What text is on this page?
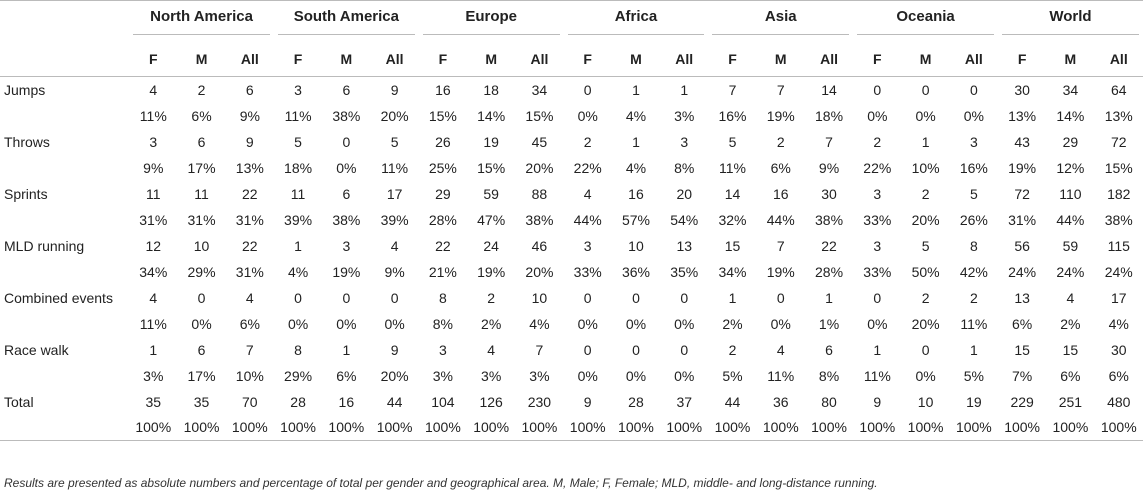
	North America			South America			Europe			Africa			Asia			Oceania			World		

	F	M	All	F	M	All	F	M	All	F	M	All	F	M	All	F	M	All	F	M	All
Jumps	4	2	6	3	6	9	16	18	34	0	1	1	7	7	14	0	0	0	30	34	64
	11%	6%	9%	11%	38%	20%	15%	14%	15%	0%	4%	3%	16%	19%	18%	0%	0%	0%	13%	14%	13%
Throws	3	6	9	5	0	5	26	19	45	2	1	3	5	2	7	2	1	3	43	29	72
	9%	17%	13%	18%	0%	11%	25%	15%	20%	22%	4%	8%	11%	6%	9%	22%	10%	16%	19%	12%	15%
Sprints	11	11	22	11	6	17	29	59	88	4	16	20	14	16	30	3	2	5	72	110	182
	31%	31%	31%	39%	38%	39%	28%	47%	38%	44%	57%	54%	32%	44%	38%	33%	20%	26%	31%	44%	38%
MLD running	12	10	22	1	3	4	22	24	46	3	10	13	15	7	22	3	5	8	56	59	115
	34%	29%	31%	4%	19%	9%	21%	19%	20%	33%	36%	35%	34%	19%	28%	33%	50%	42%	24%	24%	24%
Combined events	4	0	4	0	0	0	8	2	10	0	0	0	1	0	1	0	2	2	13	4	17
	11%	0%	6%	0%	0%	0%	8%	2%	4%	0%	0%	0%	2%	0%	1%	0%	20%	11%	6%	2%	4%
Race walk	1	6	7	8	1	9	3	4	7	0	0	0	2	4	6	1	0	1	15	15	30
	3%	17%	10%	29%	6%	20%	3%	3%	3%	0%	0%	0%	5%	11%	8%	11%	0%	5%	7%	6%	6%
Total	35	35	70	28	16	44	104	126	230	9	28	37	44	36	80	9	10	19	229	251	480
	100%	100%	100%	100%	100%	100%	100%	100%	100%	100%	100%	100%	100%	100%	100%	100%	100%	100%	100%	100%	100%
Results are presented as absolute numbers and percentage of total per gender and geographical area. M, Male; F, Female; MLD, middle- and long-distance running.
